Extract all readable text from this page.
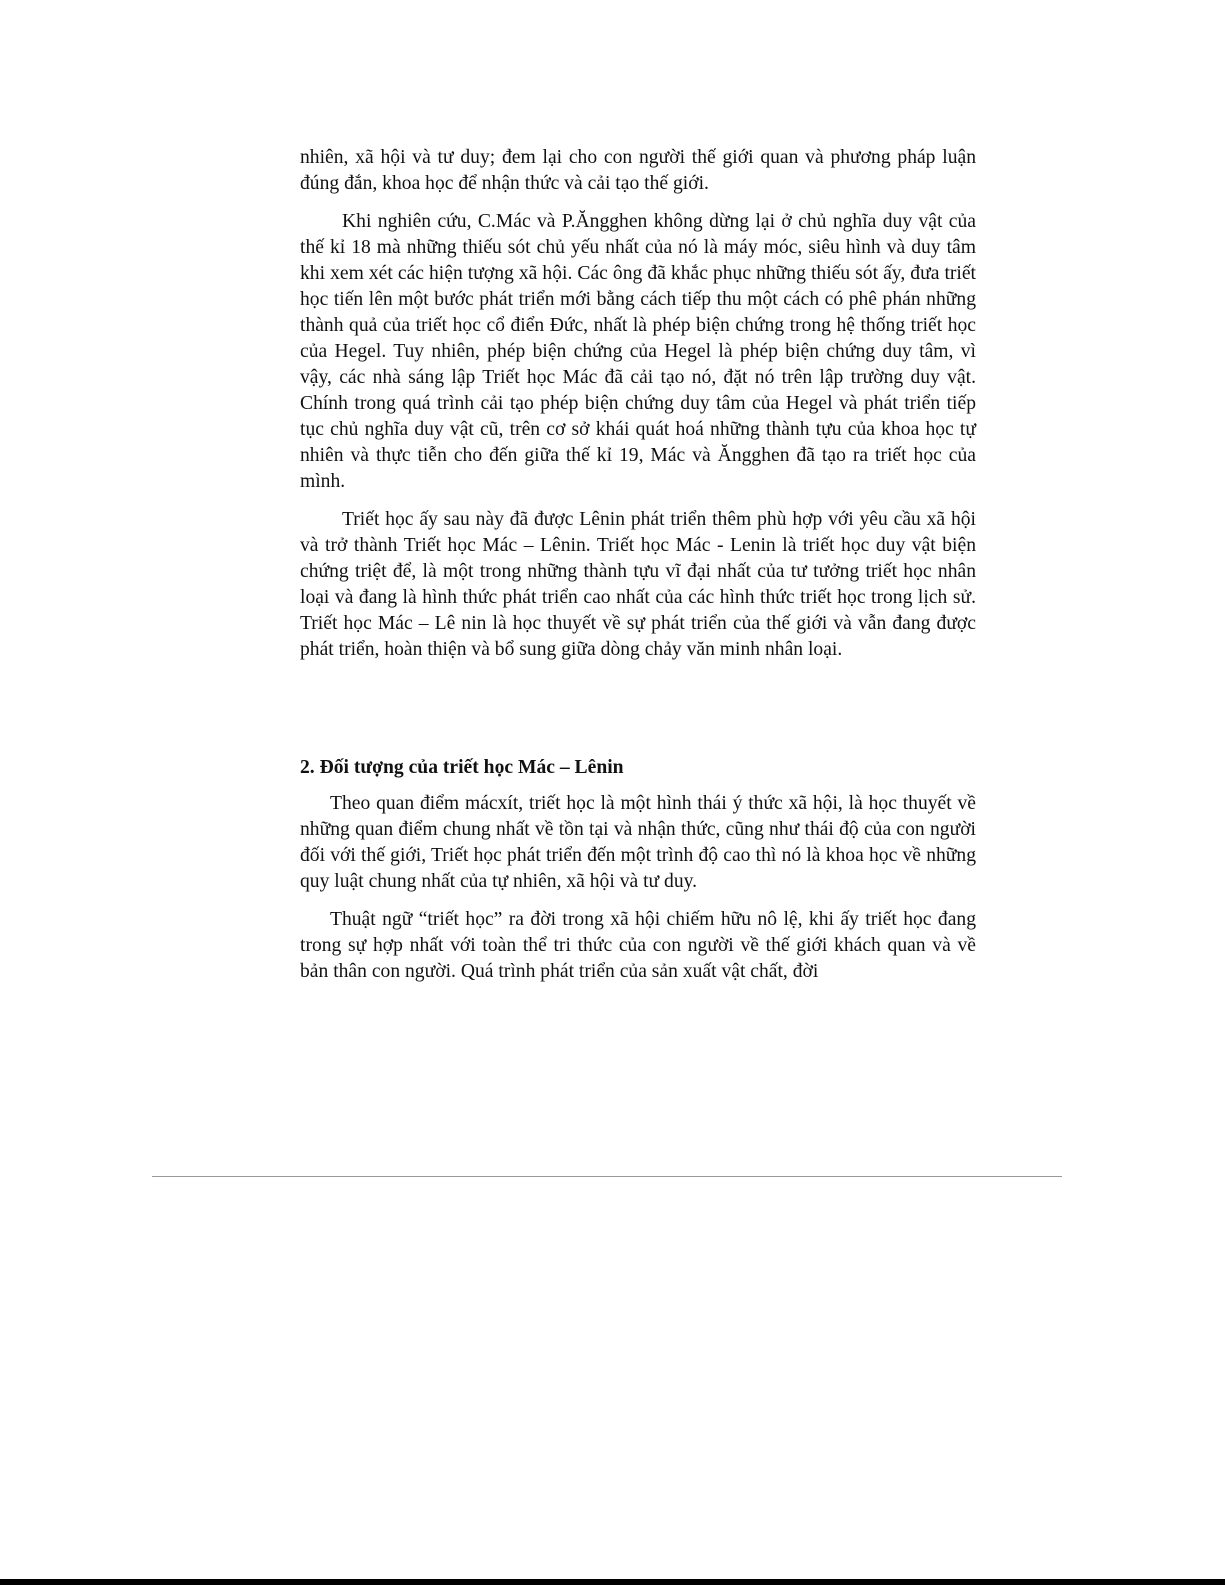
nhiên, xã hội và tư duy; đem lại cho con người thế giới quan và phương pháp luận đúng đắn, khoa học để nhận thức và cải tạo thế giới.

Khi nghiên cứu, C.Mác và P.Ăngghen không dừng lại ở chủ nghĩa duy vật của thế kỉ 18 mà những thiếu sót chủ yếu nhất của nó là máy móc, siêu hình và duy tâm khi xem xét các hiện tượng xã hội. Các ông đã khắc phục những thiếu sót ấy, đưa triết học tiến lên một bước phát triển mới bằng cách tiếp thu một cách có phê phán những thành quả của triết học cổ điển Đức, nhất là phép biện chứng trong hệ thống triết học của Hegel. Tuy nhiên, phép biện chứng của Hegel là phép biện chứng duy tâm, vì vậy, các nhà sáng lập Triết học Mác đã cải tạo nó, đặt nó trên lập trường duy vật. Chính trong quá trình cải tạo phép biện chứng duy tâm của Hegel và phát triển tiếp tục chủ nghĩa duy vật cũ, trên cơ sở khái quát hoá những thành tựu của khoa học tự nhiên và thực tiễn cho đến giữa thế kỉ 19, Mác và Ăngghen đã tạo ra triết học của mình.

Triết học ấy sau này đã được Lênin phát triển thêm phù hợp với yêu cầu xã hội và trở thành Triết học Mác – Lênin. Triết học Mác - Lenin là triết học duy vật biện chứng triệt để, là một trong những thành tựu vĩ đại nhất của tư tưởng triết học nhân loại và đang là hình thức phát triển cao nhất của các hình thức triết học trong lịch sử. Triết học Mác – Lê nin là học thuyết về sự phát triển của thế giới và vẫn đang được phát triển, hoàn thiện và bổ sung giữa dòng chảy văn minh nhân loại.

2. Đối tượng của triết học Mác – Lênin

Theo quan điểm mácxít, triết học là một hình thái ý thức xã hội, là học thuyết về những quan điểm chung nhất về tồn tại và nhận thức, cũng như thái độ của con người đối với thế giới, Triết học phát triển đến một trình độ cao thì nó là khoa học về những quy luật chung nhất của tự nhiên, xã hội và tư duy.

Thuật ngữ “triết học” ra đời trong xã hội chiếm hữu nô lệ, khi ấy triết học đang trong sự hợp nhất với toàn thể tri thức của con người về thế giới khách quan và về bản thân con người. Quá trình phát triển của sản xuất vật chất, đời
